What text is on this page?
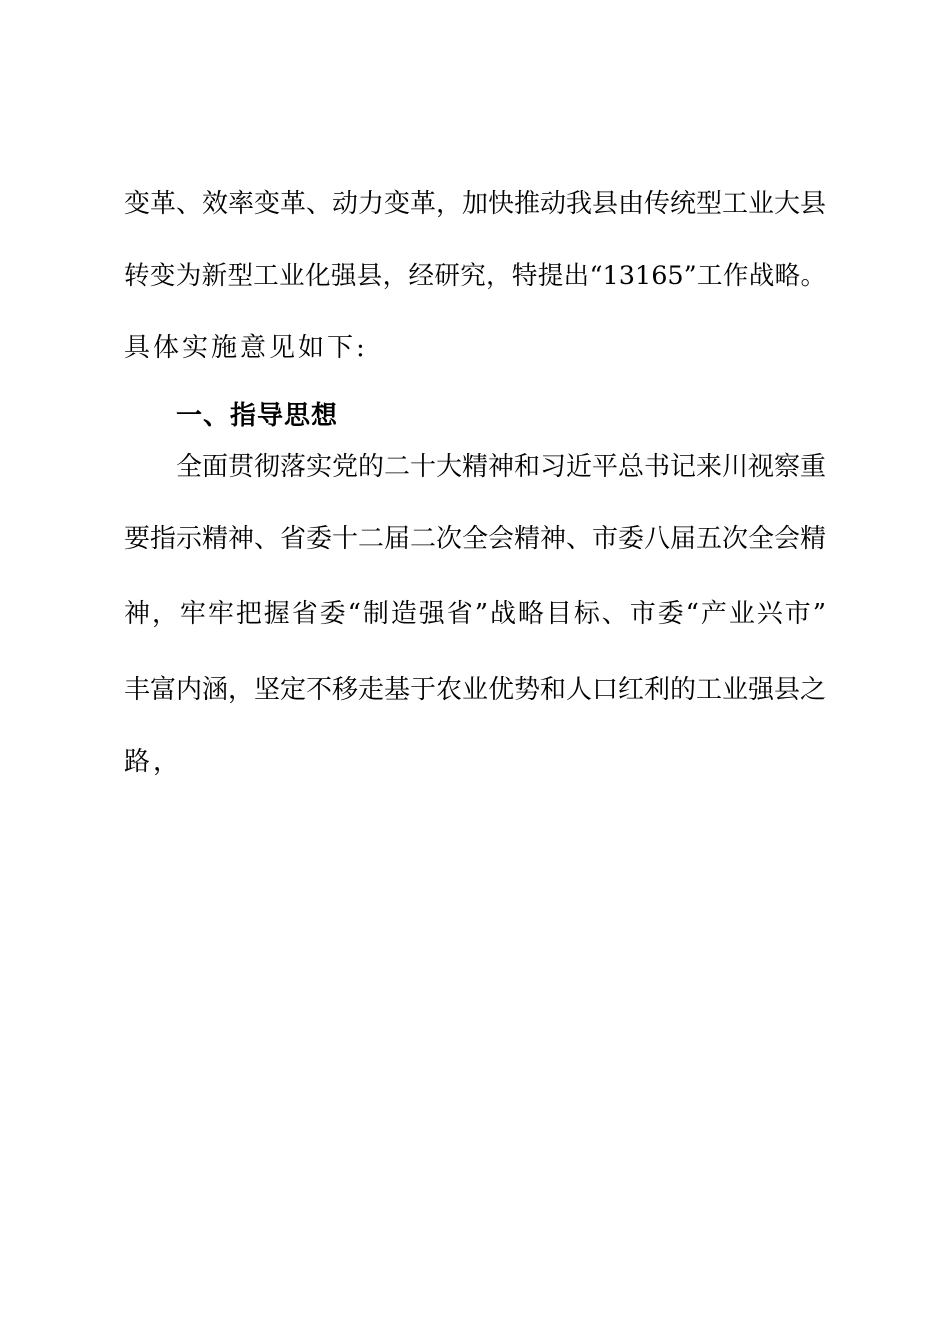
变革、效率变革、动力变革，加快推动我县由传统型工业大县
转变为新型工业化强县，经研究，特提出“13165”工作战略。
具体实施意见如下:
一、指导思想
全面贯彻落实党的二十大精神和习近平总书记来川视察重
要指示精神、省委十二届二次全会精神、市委八届五次全会精
神，牢牢把握省委“制造强省”战略目标、市委“产业兴市”
丰富内涵，坚定不移走基于农业优势和人口红利的工业强县之
路，
